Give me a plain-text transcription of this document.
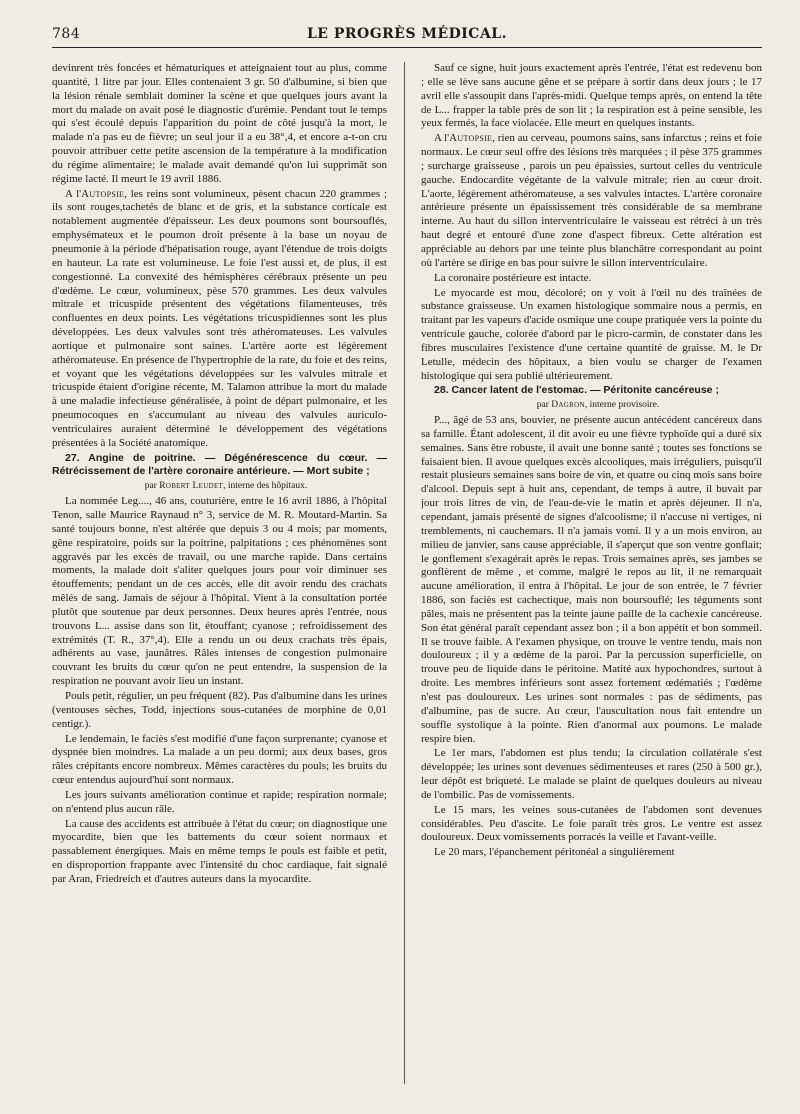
784	LE PROGRÈS MÉDICAL.

devinrent très foncées et hématuriques et atteignaient tout au plus, comme quantité, 1 litre par jour. Elles contenaient 3 gr. 50 d'albumine, si bien que la lésion rénale semblait dominer la scène et que quelques jours avant la mort du malade on avait posé le diagnostic d'urémie. Pendant tout le temps qui s'est écoulé depuis l'apparition du point de côté jusqu'à la mort, le malade n'a pas eu de fièvre; un seul jour il a eu 38°,4, et encore a-t-on cru pouvoir attribuer cette petite ascension de la température à la modification du régime alimentaire; le malade avait demandé qu'on lui supprimât son régime lacté. Il meurt le 19 avril 1886.

A l'Autopsie, les reins sont volumineux, pèsent chacun 220 grammes ; ils sont rouges,tachetés de blanc et de gris, et la substance corticale est notablement augmentée d'épaisseur. Les deux poumons sont boursouflés, emphysémateux et le poumon droit présente à la base un noyau de pneumonie à la période d'hépatisation rouge, ayant l'étendue de trois doigts en hauteur. La rate est volumineuse. Le foie l'est aussi et, de plus, il est congestionné. La convexité des hémisphères cérébraux présente un peu d'œdème. Le cœur, volumineux, pèse 570 grammes. Les deux valvules mitrale et tricuspide présentent des végétations filamenteuses, très confluentes en deux points. Les végétations tricuspidiennes sont les plus développées. Les deux valvules sont très athéromateuses. Les valvules aortique et pulmonaire sont saines. L'artère aorte est légèrement athéromateuse. En présence de l'hypertrophie de la rate, du foie et des reins, et voyant que les végétations développées sur les valvules mitrale et tricuspide étaient d'origine récente, M. Talamon attribue la mort du malade à une maladie infectieuse généralisée, à point de départ pulmonaire, et les pneumocoques en s'accumulant au niveau des valvules auriculo-ventriculaires auraient déterminé le développement des végétations présentées à la Société anatomique.

27. Angine de poitrine. — Dégénérescence du cœur. — Rétrécissement de l'artère coronaire antérieure. — Mort subite ;

par Robert Leudet, interne des hôpitaux.

La nommée Leg...., 46 ans, couturière, entre le 16 avril 1886, à l'hôpital Tenon, salle Maurice Raynaud n° 3, service de M. R. Moutard-Martin. Sa santé toujours bonne, n'est altérée que depuis 3 ou 4 mois; par moments, gêne respiratoire, poids sur la poitrine, palpitations ; ces phénomènes sont aggravés par les excès de travail, ou une marche rapide. Dans certains moments, la malade doit s'aliter quelques jours pour voir diminuer ses étouffements; pendant un de ces accès, elle dit avoir rendu des crachats mêlés de sang. Jamais de séjour à l'hôpital. Vient à la consultation portée plutôt que soutenue par deux personnes. Deux heures après l'entrée, nous trouvons L... assise dans son lit, étouffant; cyanose ; refroidissement des extrémités (T. R., 37°,4). Elle a rendu un ou deux crachats très épais, adhérents au vase, jaunâtres. Râles intenses de congestion pulmonaire couvrant les bruits du cœur qu'on ne peut entendre, la suspension de la respiration ne pouvant avoir lieu un instant.

Pouls petit, régulier, un peu fréquent (82). Pas d'albumine dans les urines (ventouses sèches, Todd, injections sous-cutanées de morphine de 0,01 centigr.).

Le lendemain, le faciès s'est modifié d'une façon surprenante; cyanose et dyspnée bien moindres. La malade a un peu dormi; aux deux bases, gros râles crépitants encore nombreux. Mêmes caractères du pouls; les bruits du cœur entendus aujourd'hui sont normaux.

Les jours suivants amélioration continue et rapide; respiration normale; on n'entend plus aucun râle.

La cause des accidents est attribuée à l'état du cœur; on diagnostique une myocardite, bien que les battements du cœur soient normaux et passablement énergiques. Mais en même temps le pouls est faible et petit, en disproportion frappante avec l'intensité du choc cardiaque, fait signalé par Aran, Friedreich et d'autres auteurs dans la myocardite.

Sauf ce signe, huit jours exactement après l'entrée, l'état est redevenu bon ; elle se lève sans aucune gêne et se prépare à sortir dans deux jours ; le 17 avril elle s'assoupit dans l'après-midi. Quelque temps après, on entend la tête de L... frapper la table près de son lit ; la respiration est à peine sensible, les yeux fermés, la face violacée. Elle meurt en quelques instants.

A l'Autopsie, rien au cerveau, poumons sains, sans infarctus ; reins et foie normaux. Le cœur seul offre des lésions très marquées ; il pèse 375 grammes ; surcharge graisseuse , parois un peu épaissies, surtout celles du ventricule gauche. Endocardite végétante de la valvule mitrale; rien au cœur droit. L'aorte, légèrement athéromateuse, a ses valvules intactes. L'artère coronaire antérieure présente un épaississement très considérable de sa membrane interne. Au haut du sillon interventriculaire le vaisseau est rétréci à un très haut degré et entouré d'une zone d'aspect fibreux. Cette altération est appréciable au dehors par une teinte plus blanchâtre correspondant au point où l'artère se dirige en bas pour suivre le sillon interventriculaire.

La coronaire postérieure est intacte.

Le myocarde est mou, décoloré; on y voit à l'œil nu des traînées de substance graisseuse. Un examen histologique sommaire nous a permis, en traitant par les vapeurs d'acide osmique une coupe pratiquée vers la pointe du ventricule gauche, colorée d'abord par le picro-carmin, de constater dans les fibres musculaires l'existence d'une certaine quantité de graisse. M. le Dr Letulle, médecin des hôpitaux, a bien voulu se charger de l'examen histologique qui sera publié ultérieurement.

28. Cancer latent de l'estomac. — Péritonite cancéreuse ;

par Dagron, interne provisoire.

P..., âgé de 53 ans, bouvier, ne présente aucun antécédent cancéreux dans sa famille. Étant adolescent, il dit avoir eu une fièvre typhoïde qui a duré six semaines. Sans être robuste, il avait une bonne santé ; toutes ses fonctions se faisaient bien. Il avoue quelques excès alcooliques, mais irréguliers, puisqu'il restait plusieurs semaines sans boire de vin, et quatre ou cinq mois sans boire d'alcool. Depuis sept à huit ans, cependant, de temps à autre, il buvait par jour trois litres de vin, de l'eau-de-vie le matin et après déjeuner. Il n'a, cependant, jamais présenté de signes d'alcoolisme; il n'accuse ni vertiges, ni tremblements, ni cauchemars. Il n'a jamais vomi. Il y a un mois environ, au milieu de janvier, sans cause appréciable, il s'aperçut que son ventre gonflait; le gonflement s'exagérait après le repas. Trois semaines après, ses jambes se gonflèrent de même , et comme, malgré le repos au lit, il ne remarquait aucune amélioration, il entra à l'hôpital. Le jour de son entrée, le 7 février 1886, son faciès est cachectique, mais non boursouflé; les téguments sont pâles, mais ne présentent pas la teinte jaune paille de la cachexie cancéreuse. Son état général paraît cependant assez bon ; il a bon appétit et bon sommeil. Il se trouve faible. A l'examen physique, on trouve le ventre tendu, mais non douloureux ; il y a œdème de la paroi. Par la percussion superficielle, on trouve peu de liquide dans le péritoine. Matité aux hypochondres, surtout à droite. Les membres inférieurs sont assez fortement œdématiés ; l'œdème n'est pas douloureux. Les urines sont normales : pas de sédiments, pas d'albumine, pas de sucre. Au cœur, l'auscultation nous fait entendre un souffle systolique à la pointe. Rien d'anormal aux poumons. Le malade respire bien.

Le 1er mars, l'abdomen est plus tendu; la circulation collatérale s'est développée; les urines sont devenues sédimenteuses et rares (250 à 500 gr.), leur dépôt est briqueté. Le malade se plaint de quelques douleurs au niveau de l'ombilic. Pas de vomissements.

Le 15 mars, les veines sous-cutanées de l'abdomen sont devenues considérables. Peu d'ascite. Le foie paraît très gros. Le ventre est assez douloureux. Deux vomissements porracés la veille et l'avant-veille.

Le 20 mars, l'épanchement péritonéal a singulièrement
